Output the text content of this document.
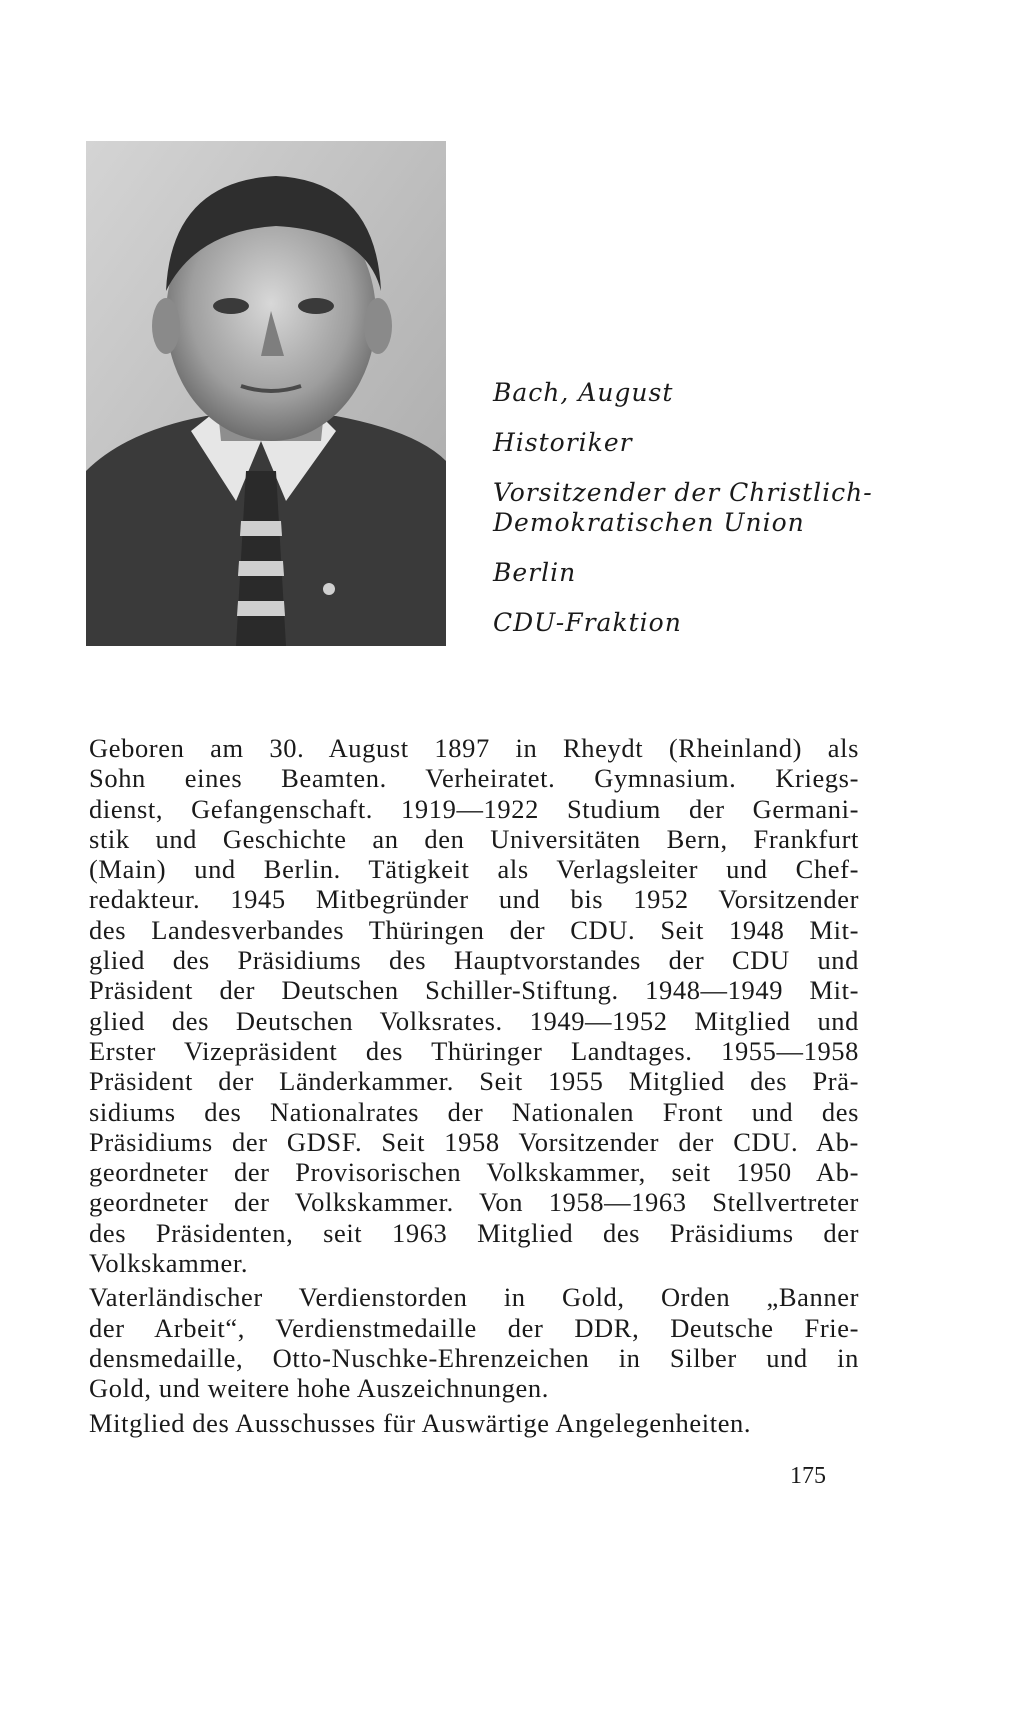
Bach, August
Historiker
Vorsitzender der Christlich-
Demokratischen Union
Berlin
CDU-Fraktion

Geboren am 30. August 1897 in Rheydt (Rheinland) als
Sohn eines Beamten. Verheiratet. Gymnasium. Kriegs-
dienst, Gefangenschaft. 1919—1922 Studium der Germani-
stik und Geschichte an den Universitäten Bern, Frankfurt
(Main) und Berlin. Tätigkeit als Verlagsleiter und Chef-
redakteur. 1945 Mitbegründer und bis 1952 Vorsitzender
des Landesverbandes Thüringen der CDU. Seit 1948 Mit-
glied des Präsidiums des Hauptvorstandes der CDU und
Präsident der Deutschen Schiller-Stiftung. 1948—1949 Mit-
glied des Deutschen Volksrates. 1949—1952 Mitglied und
Erster Vizepräsident des Thüringer Landtages. 1955—1958
Präsident der Länderkammer. Seit 1955 Mitglied des Prä-
sidiums des Nationalrates der Nationalen Front und des
Präsidiums der GDSF. Seit 1958 Vorsitzender der CDU. Ab-
geordneter der Provisorischen Volkskammer, seit 1950 Ab-
geordneter der Volkskammer. Von 1958—1963 Stellvertreter
des Präsidenten, seit 1963 Mitglied des Präsidiums der
Volkskammer.

Vaterländischer Verdienstorden in Gold, Orden „Banner
der Arbeit“, Verdienstmedaille der DDR, Deutsche Frie-
densmedaille, Otto-Nuschke-Ehrenzeichen in Silber und in
Gold, und weitere hohe Auszeichnungen.

Mitglied des Ausschusses für Auswärtige Angelegenheiten.

175
